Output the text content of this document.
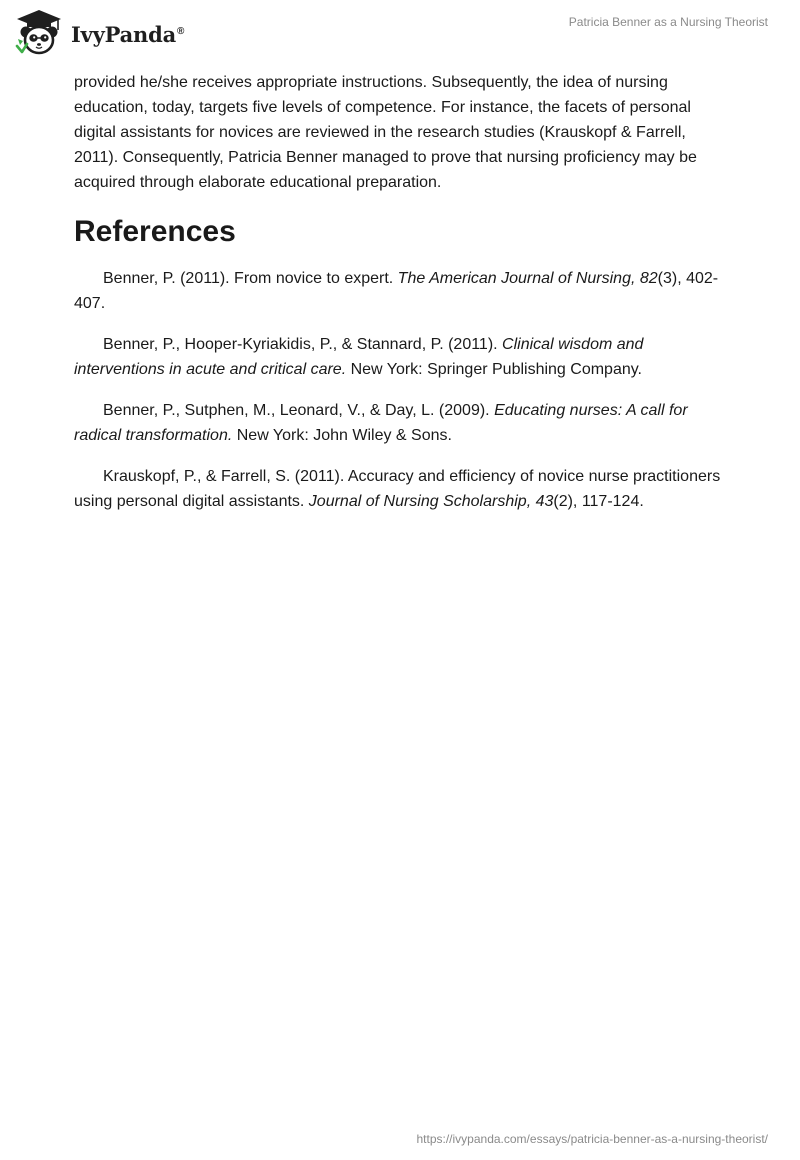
IvyPanda®
Patricia Benner as a Nursing Theorist

provided he/she receives appropriate instructions. Subsequently, the idea of nursing education, today, targets five levels of competence. For instance, the facets of personal digital assistants for novices are reviewed in the research studies (Krauskopf & Farrell, 2011). Consequently, Patricia Benner managed to prove that nursing proficiency may be acquired through elaborate educational preparation.

References

Benner, P. (2011). From novice to expert. The American Journal of Nursing, 82(3), 402-407.

Benner, P., Hooper-Kyriakidis, P., & Stannard, P. (2011). Clinical wisdom and interventions in acute and critical care. New York: Springer Publishing Company.

Benner, P., Sutphen, M., Leonard, V., & Day, L. (2009). Educating nurses: A call for radical transformation. New York: John Wiley & Sons.

Krauskopf, P., & Farrell, S. (2011). Accuracy and efficiency of novice nurse practitioners using personal digital assistants. Journal of Nursing Scholarship, 43(2), 117-124.

https://ivypanda.com/essays/patricia-benner-as-a-nursing-theorist/
